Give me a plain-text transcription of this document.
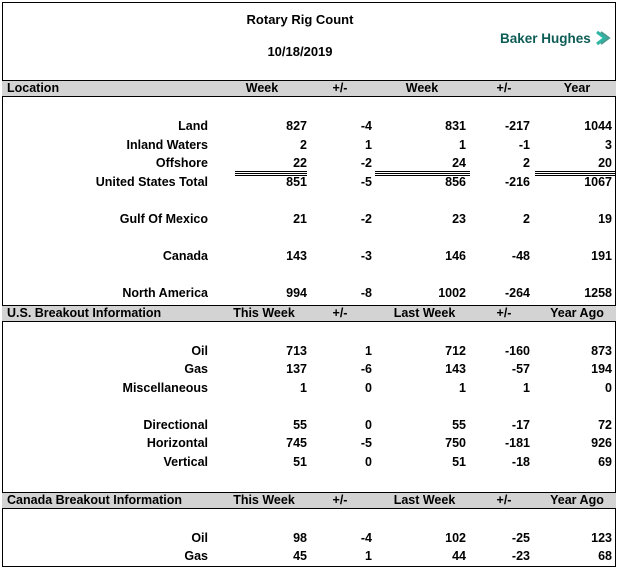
Rotary Rig Count
10/18/2019
Baker Hughes
Location	Week	+/-	Week	+/-	Year
Land	827	-4	831	-217	1044
Inland Waters	2	1	1	-1	3
Offshore	22	-2	24	2	20
United States Total	851	-5	856	-216	1067
Gulf Of Mexico	21	-2	23	2	19
Canada	143	-3	146	-48	191
North America	994	-8	1002	-264	1258
U.S. Breakout Information	This Week	+/-	Last Week	+/-	Year Ago
Oil	713	1	712	-160	873
Gas	137	-6	143	-57	194
Miscellaneous	1	0	1	1	0
Directional	55	0	55	-17	72
Horizontal	745	-5	750	-181	926
Vertical	51	0	51	-18	69
Canada Breakout Information	This Week	+/-	Last Week	+/-	Year Ago
Oil	98	-4	102	-25	123
Gas	45	1	44	-23	68
